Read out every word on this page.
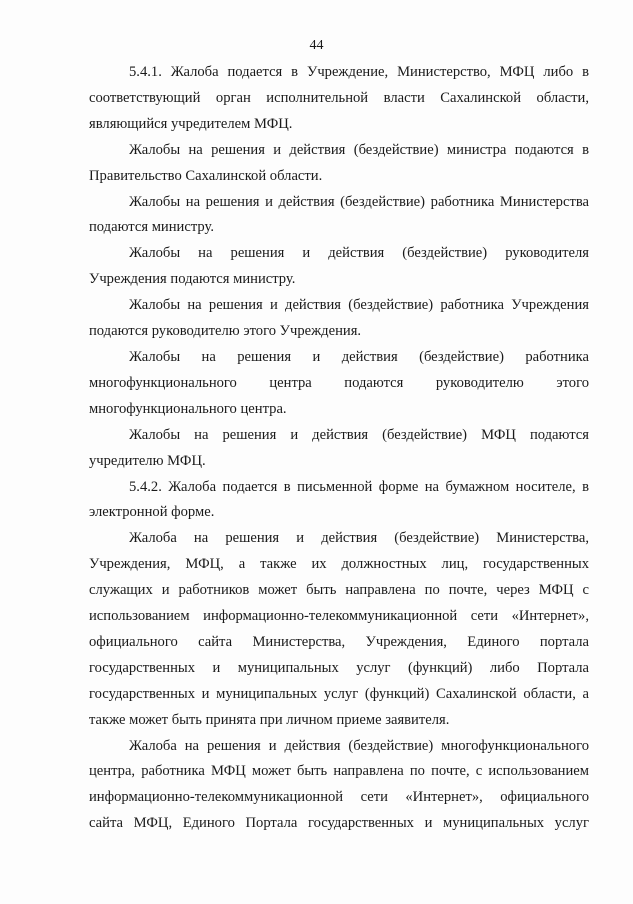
44

5.4.1. Жалоба подается в Учреждение, Министерство, МФЦ либо в
соответствующий орган исполнительной власти Сахалинской области,
являющийся учредителем МФЦ.

Жалобы на решения и действия (бездействие) министра подаются в
Правительство Сахалинской области.

Жалобы на решения и действия (бездействие) работника Министерства
подаются министру.

Жалобы на решения и действия (бездействие) руководителя
Учреждения подаются министру.

Жалобы на решения и действия (бездействие) работника Учреждения
подаются руководителю этого Учреждения.

Жалобы на решения и действия (бездействие) работника
многофункционального центра подаются руководителю этого
многофункционального центра.

Жалобы на решения и действия (бездействие) МФЦ подаются
учредителю МФЦ.

5.4.2. Жалоба подается в письменной форме на бумажном носителе, в
электронной форме.

Жалоба на решения и действия (бездействие) Министерства,
Учреждения, МФЦ, а также их должностных лиц, государственных
служащих и работников может быть направлена по почте, через МФЦ с
использованием информационно-телекоммуникационной сети «Интернет»,
официального сайта Министерства, Учреждения, Единого портала
государственных и муниципальных услуг (функций) либо Портала
государственных и муниципальных услуг (функций) Сахалинской области, а
также может быть принята при личном приеме заявителя.

Жалоба на решения и действия (бездействие) многофункционального
центра, работника МФЦ может быть направлена по почте, с использованием
информационно-телекоммуникационной сети «Интернет», официального
сайта МФЦ, Единого Портала государственных и муниципальных услуг
